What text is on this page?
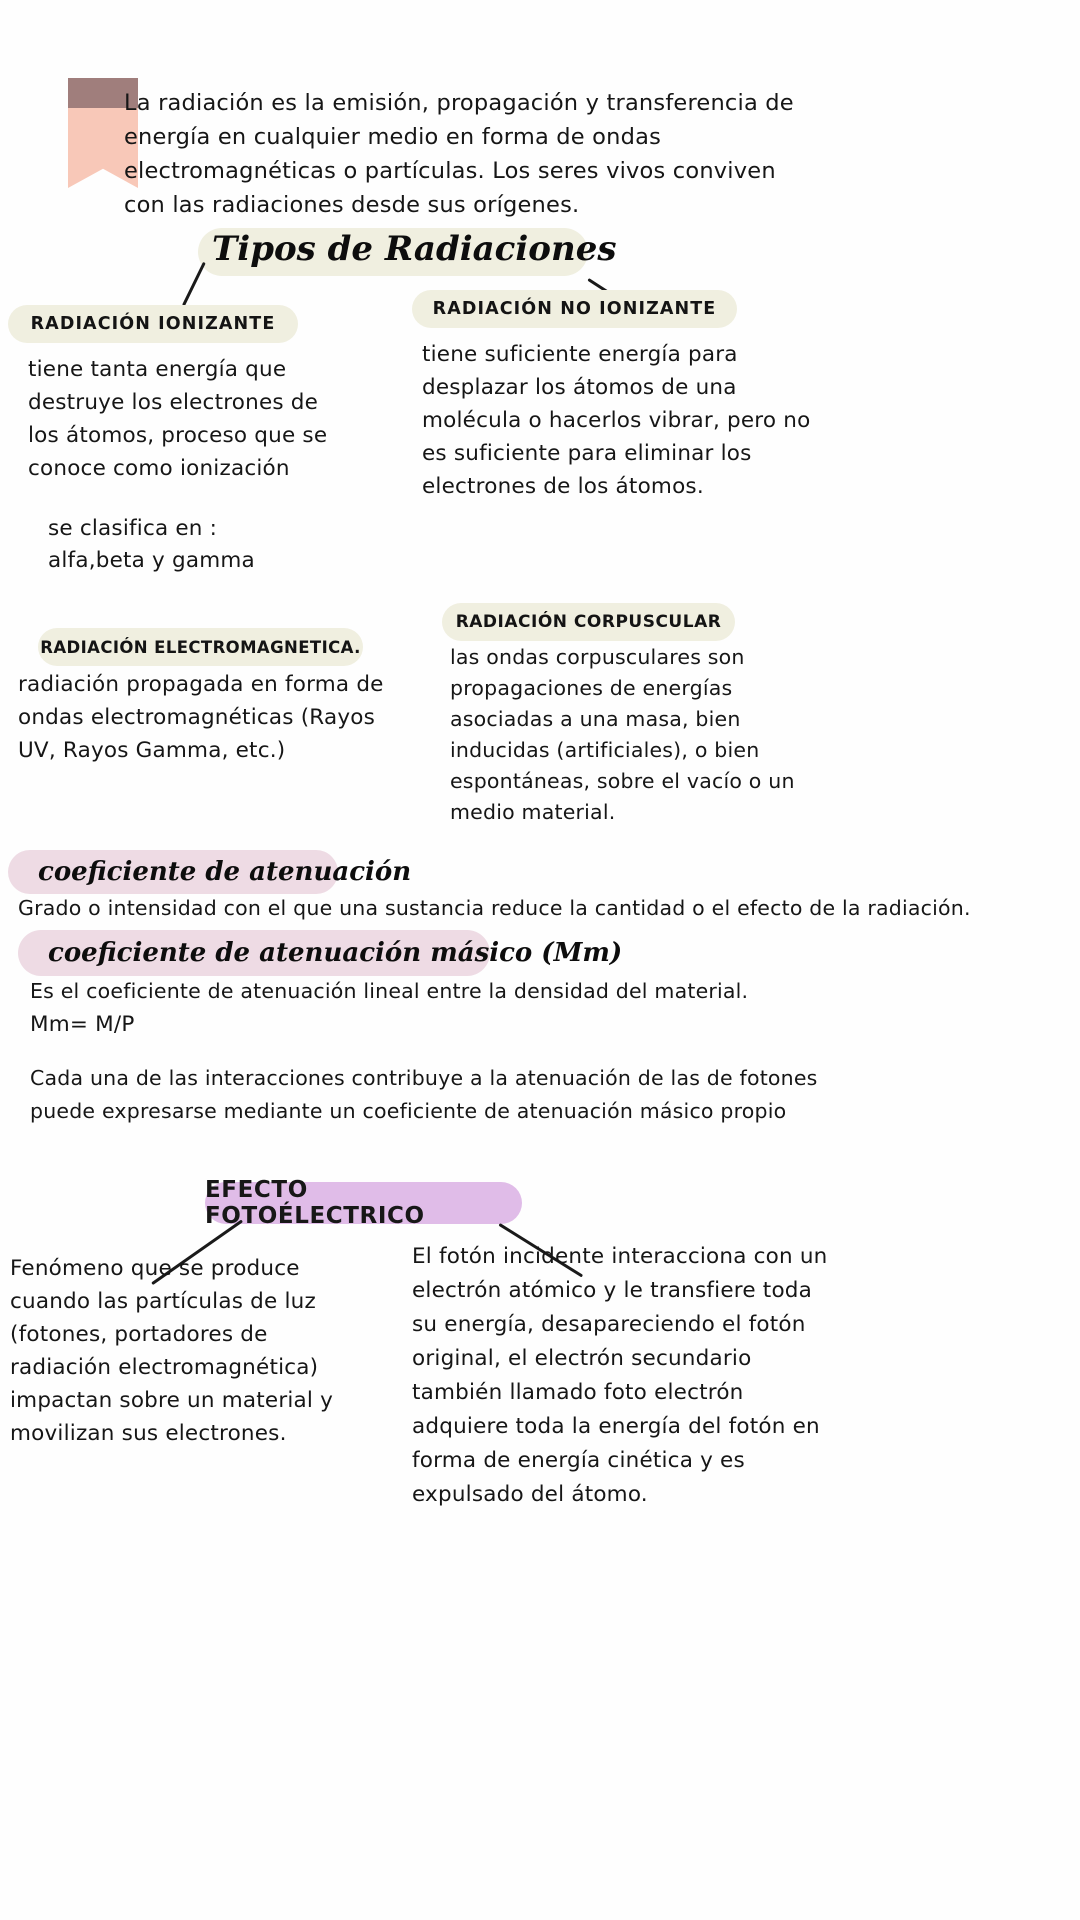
La radiación es la emisión, propagación y transferencia de energía en cualquier medio en forma de ondas electromagnéticas o partículas. Los seres vivos conviven con las radiaciones desde sus orígenes.
Tipos de Radiaciones
RADIACIÓN IONIZANTE
tiene tanta energía que destruye los electrones de los átomos, proceso que se conoce como ionización
se clasifica en :
alfa,beta y gamma
RADIACIÓN NO IONIZANTE
tiene suficiente energía para desplazar los átomos de una molécula o hacerlos vibrar, pero no es suficiente para eliminar los electrones de los átomos.
RADIACIÓN ELECTROMAGNETICA.
radiación propagada en forma de ondas electromagnéticas (Rayos UV, Rayos Gamma, etc.)
RADIACIÓN CORPUSCULAR
las ondas corpusculares son propagaciones de energías asociadas a una masa, bien inducidas (artificiales), o bien espontáneas, sobre el vacío o un medio material.
coeficiente de atenuación
Grado o intensidad con el que una sustancia reduce la cantidad o el efecto de la radiación.
coeficiente de atenuación másico (Mm)
Es el coeficiente de atenuación lineal entre la densidad del material.
Mm= M/P
Cada una de las interacciones contribuye a la atenuación de las de fotones puede expresarse mediante un coeficiente de atenuación másico propio
EFECTO FOTOÉLECTRICO
Fenómeno que se produce cuando las partículas de luz (fotones, portadores de radiación electromagnética) impactan sobre un material y movilizan sus electrones.
El fotón incidente interacciona con un electrón atómico y le transfiere toda su energía, desapareciendo el fotón original, el electrón secundario también llamado foto electrón adquiere toda la energía del fotón en forma de energía cinética y es expulsado del átomo.
